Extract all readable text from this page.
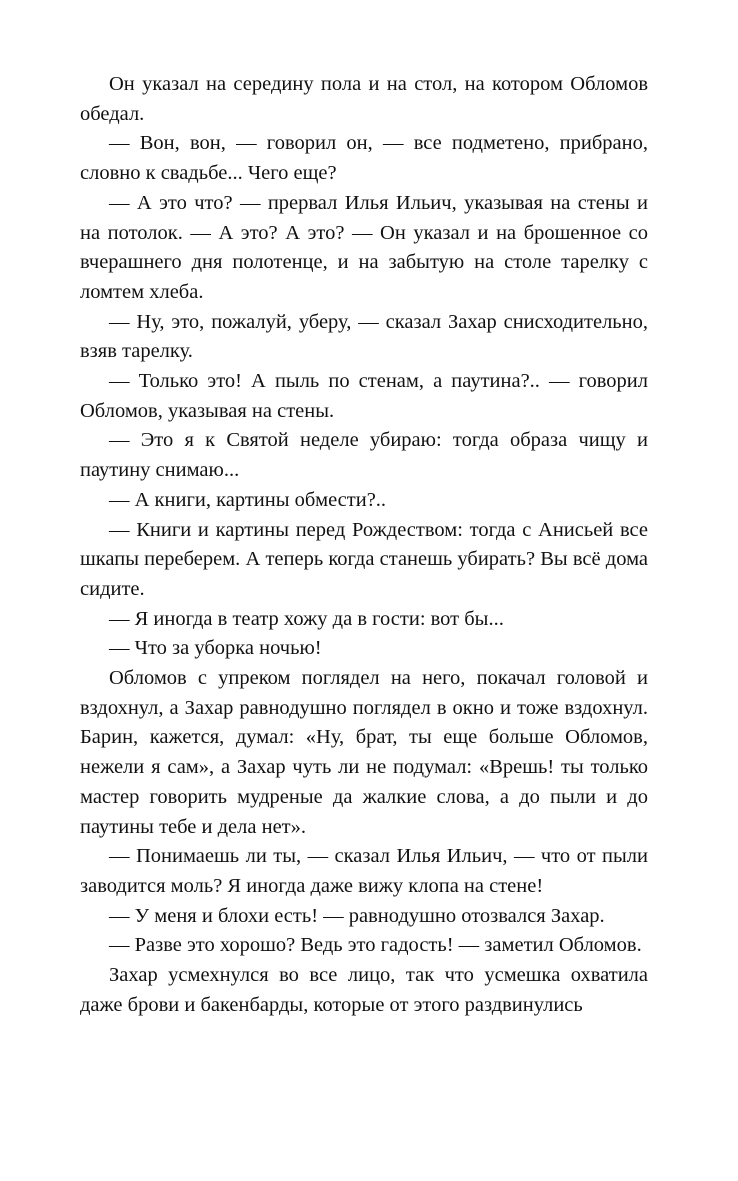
Он указал на середину пола и на стол, на котором Обломов обедал.

— Вон, вон, — говорил он, — все подметено, прибрано, словно к свадьбе... Чего еще?

— А это что? — прервал Илья Ильич, указывая на стены и на потолок. — А это? А это? — Он указал и на брошенное со вчерашнего дня полотенце, и на забытую на столе тарелку с ломтем хлеба.

— Ну, это, пожалуй, уберу, — сказал Захар снисходительно, взяв тарелку.

— Только это! А пыль по стенам, а паутина?.. — говорил Обломов, указывая на стены.

— Это я к Святой неделе убираю: тогда образа чищу и паутину снимаю...

— А книги, картины обмести?..

— Книги и картины перед Рождеством: тогда с Анисьей все шкапы переберем. А теперь когда станешь убирать? Вы всё дома сидите.

— Я иногда в театр хожу да в гости: вот бы...

— Что за уборка ночью!

Обломов с упреком поглядел на него, покачал головой и вздохнул, а Захар равнодушно поглядел в окно и тоже вздохнул. Барин, кажется, думал: «Ну, брат, ты еще больше Обломов, нежели я сам», а Захар чуть ли не подумал: «Врешь! ты только мастер говорить мудреные да жалкие слова, а до пыли и до паутины тебе и дела нет».

— Понимаешь ли ты, — сказал Илья Ильич, — что от пыли заводится моль? Я иногда даже вижу клопа на стене!

— У меня и блохи есть! — равнодушно отозвался Захар.

— Разве это хорошо? Ведь это гадость! — заметил Обломов.

Захар усмехнулся во все лицо, так что усмешка охватила даже брови и бакенбарды, которые от этого раздвинулись
